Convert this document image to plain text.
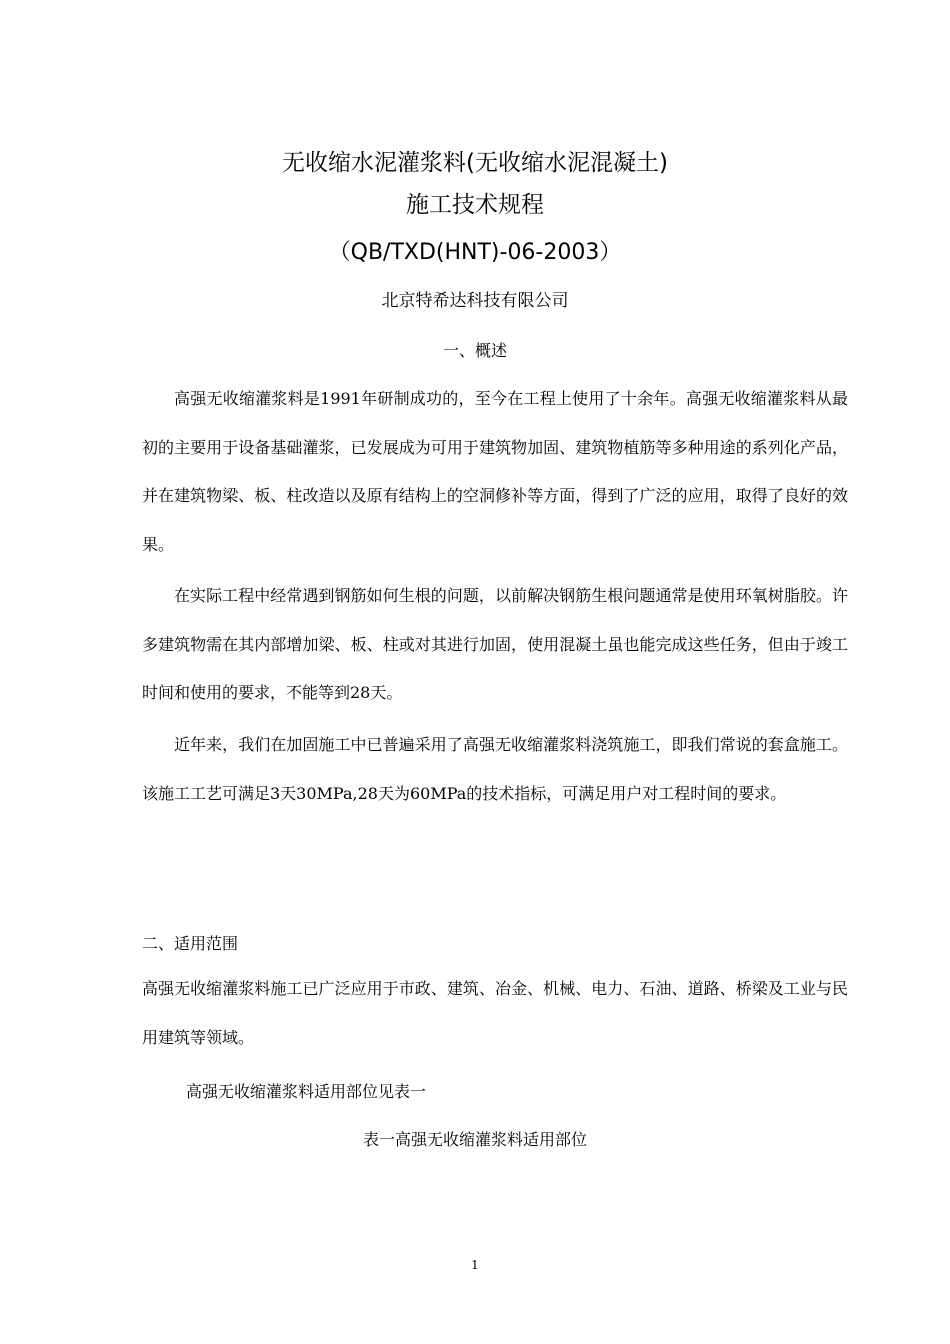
无收缩水泥灌浆料(无收缩水泥混凝土)
施工技术规程
（QB/TXD(HNT)-06-2003）
北京特希达科技有限公司
一、概述

高强无收缩灌浆料是1991年研制成功的，至今在工程上使用了十余年。高强无收缩灌浆料从最初的主要用于设备基础灌浆，已发展成为可用于建筑物加固、建筑物植筋等多种用途的系列化产品，并在建筑物梁、板、柱改造以及原有结构上的空洞修补等方面，得到了广泛的应用，取得了良好的效果。

在实际工程中经常遇到钢筋如何生根的问题，以前解决钢筋生根问题通常是使用环氧树脂胶。许多建筑物需在其内部增加梁、板、柱或对其进行加固，使用混凝土虽也能完成这些任务，但由于竣工时间和使用的要求，不能等到28天。

近年来，我们在加固施工中已普遍采用了高强无收缩灌浆料浇筑施工，即我们常说的套盒施工。该施工工艺可满足3天30MPa,28天为60MPa的技术指标，可满足用户对工程时间的要求。

二、适用范围

高强无收缩灌浆料施工已广泛应用于市政、建筑、冶金、机械、电力、石油、道路、桥梁及工业与民用建筑等领域。

高强无收缩灌浆料适用部位见表一
表一高强无收缩灌浆料适用部位
1
